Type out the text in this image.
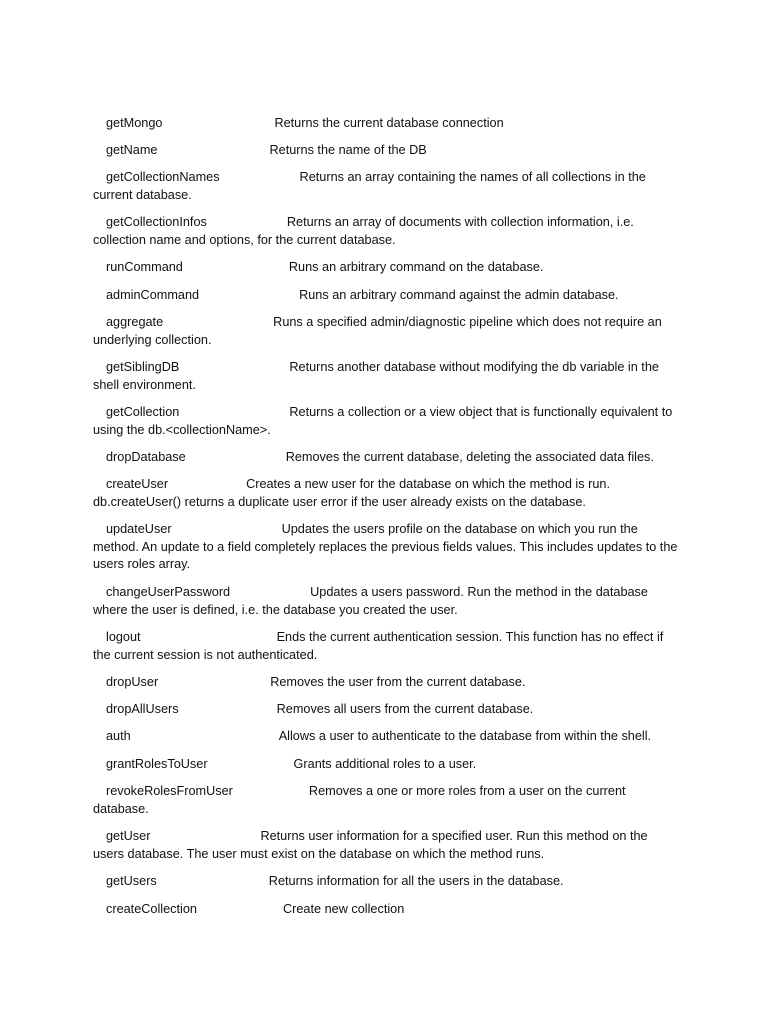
getMongo	Returns the current database connection
getName	Returns the name of the DB
getCollectionNames	Returns an array containing the names of all collections in the current database.
getCollectionInfos	Returns an array of documents with collection information, i.e. collection name and options, for the current database.
runCommand	Runs an arbitrary command on the database.
adminCommand	Runs an arbitrary command against the admin database.
aggregate	Runs a specified admin/diagnostic pipeline which does not require an underlying collection.
getSiblingDB	Returns another database without modifying the db variable in the shell environment.
getCollection	Returns a collection or a view object that is functionally equivalent to using the db.<collectionName>.
dropDatabase	Removes the current database, deleting the associated data files.
createUser	Creates a new user for the database on which the method is run. db.createUser() returns a duplicate user error if the user already exists on the database.
updateUser	Updates the users profile on the database on which you run the method. An update to a field completely replaces the previous fields values. This includes updates to the users roles array.
changeUserPassword	Updates a users password. Run the method in the database where the user is defined, i.e. the database you created the user.
logout	Ends the current authentication session. This function has no effect if the current session is not authenticated.
dropUser	Removes the user from the current database.
dropAllUsers	Removes all users from the current database.
auth	Allows a user to authenticate to the database from within the shell.
grantRolesToUser	Grants additional roles to a user.
revokeRolesFromUser	Removes a one or more roles from a user on the current database.
getUser	Returns user information for a specified user. Run this method on the users database. The user must exist on the database on which the method runs.
getUsers	Returns information for all the users in the database.
createCollection	Create new collection
